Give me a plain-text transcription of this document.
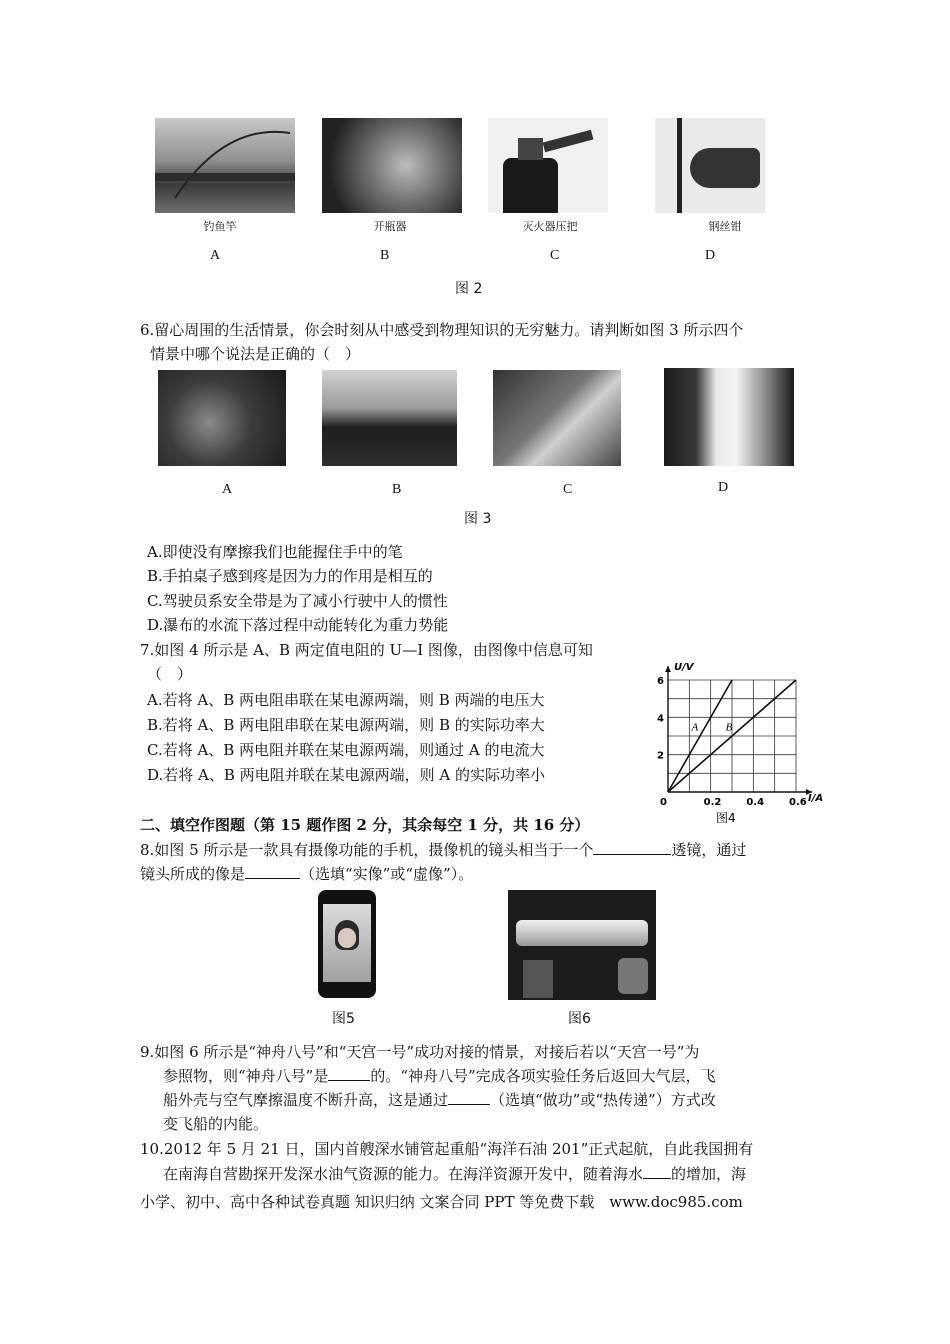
钓鱼竿	开瓶器	灭火器压把	钢丝钳
A	B	C	D
图 2
6.留心周围的生活情景，你会时刻从中感受到物理知识的无穷魅力。请判断如图 3 所示四个
情景中哪个说法是正确的（　）
A	B	C	D
图 3
A.即使没有摩擦我们也能握住手中的笔
B.手拍桌子感到疼是因为力的作用是相互的
C.驾驶员系安全带是为了减小行驶中人的惯性
D.瀑布的水流下落过程中动能转化为重力势能
7.如图 4 所示是 A、B 两定值电阻的 U—I 图像，由图像中信息可知
（　）
A.若将 A、B 两电阻串联在某电源两端，则 B 两端的电压大
B.若将 A、B 两电阻串联在某电源两端，则 B 的实际功率大
C.若将 A、B 两电阻并联在某电源两端，则通过 A 的电流大
D.若将 A、B 两电阻并联在某电源两端，则 A 的实际功率小
A B
0	0.2 0.4 0.6
2
4
6
U/V
I/A
图4
二、填空作图题（第 15 题作图 2 分，其余每空 1 分，共 16 分）
8.如图 5 所示是一款具有摄像功能的手机，摄像机的镜头相当于一个	透镜，通过
镜头所成的像是	（选填“实像”或“虚像”）。
图5	图6
9.如图 6 所示是“神舟八号”和“天宫一号”成功对接的情景，对接后若以“天宫一号”为
参照物，则“神舟八号”是	的。“神舟八号”完成各项实验任务后返回大气层，飞
船外壳与空气摩擦温度不断升高，这是通过	（选填“做功”或“热传递”）方式改
变飞船的内能。
10.2012 年 5 月 21 日，国内首艘深水铺管起重船“海洋石油 201”正式起航，自此我国拥有
在南海自营勘探开发深水油气资源的能力。在海洋资源开发中，随着海水 的增加，海
小学、初中、高中各种试卷真题 知识归纳 文案合同 PPT 等免费下载　www.doc985.com
